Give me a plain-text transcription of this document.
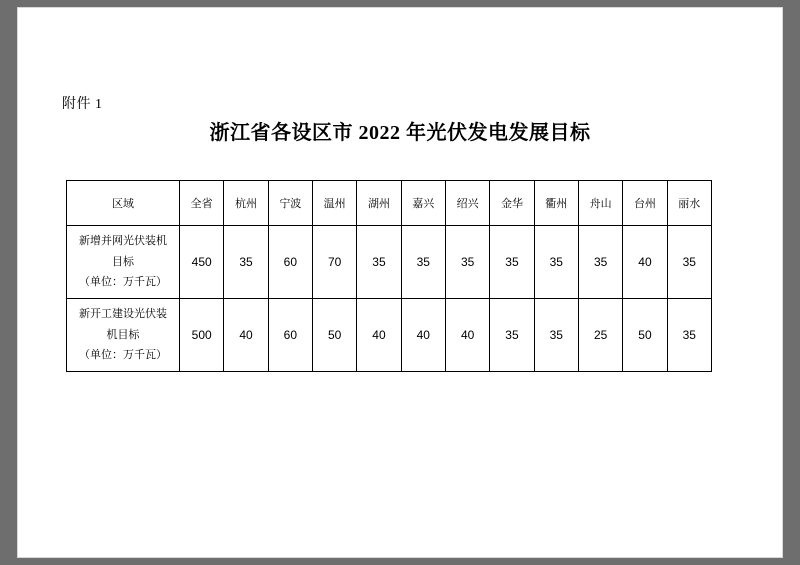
附件 1
浙江省各设区市 2022 年光伏发电发展目标
区域	全省	杭州	宁波	温州	湖州	嘉兴	绍兴	金华	衢州	舟山	台州	丽水

新增并网光伏装机
目标
（单位：万千瓦）	450	35	60	70	35	35	35	35	35	35	40	35

新开工建设光伏装
机目标
（单位：万千瓦）	500	40	60	50	40	40	40	35	35	25	50	35
